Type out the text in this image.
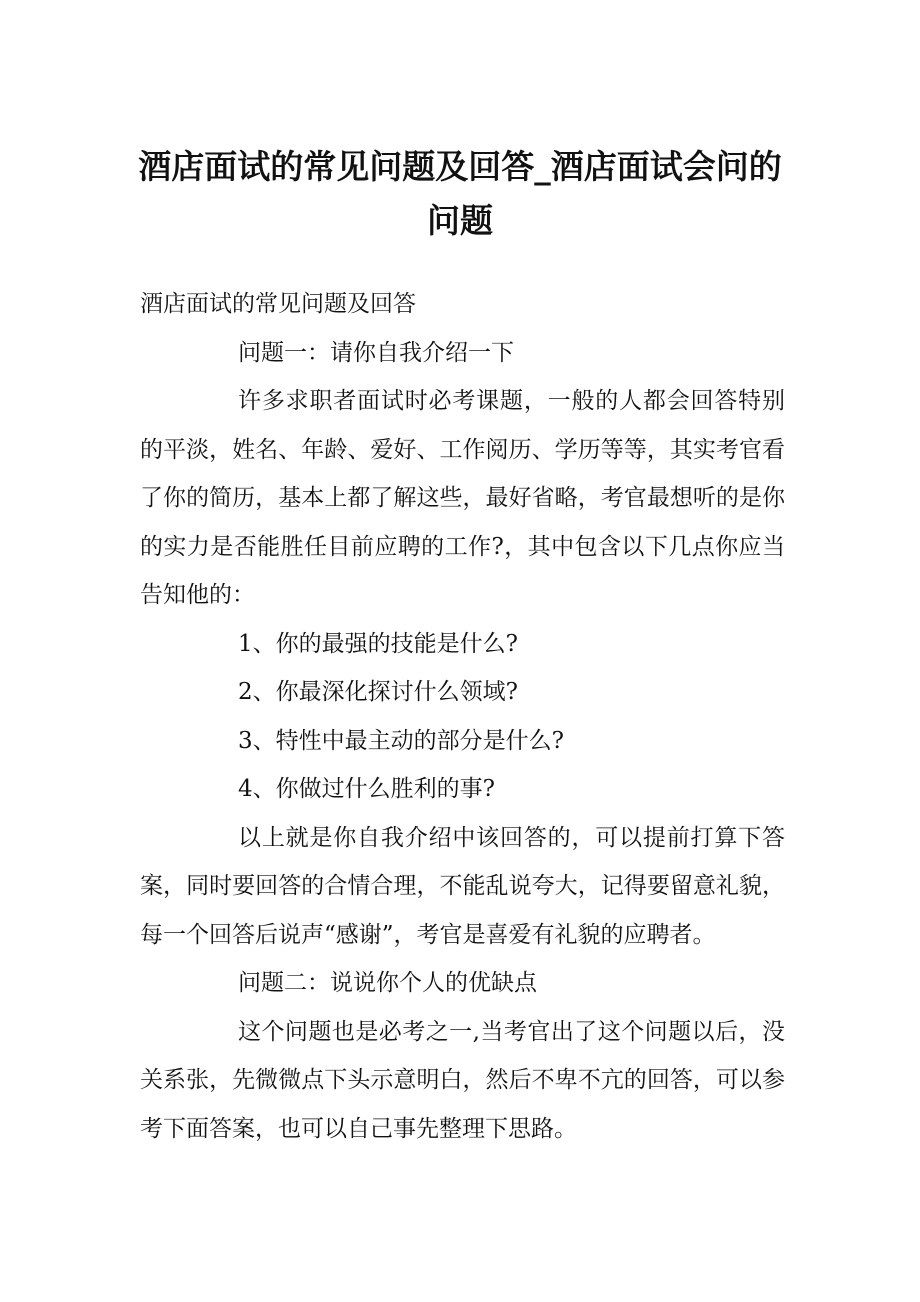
酒店面试的常见问题及回答_酒店面试会问的问题

酒店面试的常见问题及回答

问题一：请你自我介绍一下

许多求职者面试时必考课题，一般的人都会回答特别的平淡，姓名、年龄、爱好、工作阅历、学历等等，其实考官看了你的简历，基本上都了解这些，最好省略，考官最想听的是你的实力是否能胜任目前应聘的工作?，其中包含以下几点你应当告知他的：

1、你的最强的技能是什么?

2、你最深化探讨什么领域?

3、特性中最主动的部分是什么?

4、你做过什么胜利的事?

以上就是你自我介绍中该回答的，可以提前打算下答案，同时要回答的合情合理，不能乱说夸大，记得要留意礼貌，每一个回答后说声“感谢”，考官是喜爱有礼貌的应聘者。

问题二：说说你个人的优缺点

这个问题也是必考之一,当考官出了这个问题以后，没关系张，先微微点下头示意明白，然后不卑不亢的回答，可以参考下面答案，也可以自己事先整理下思路。
